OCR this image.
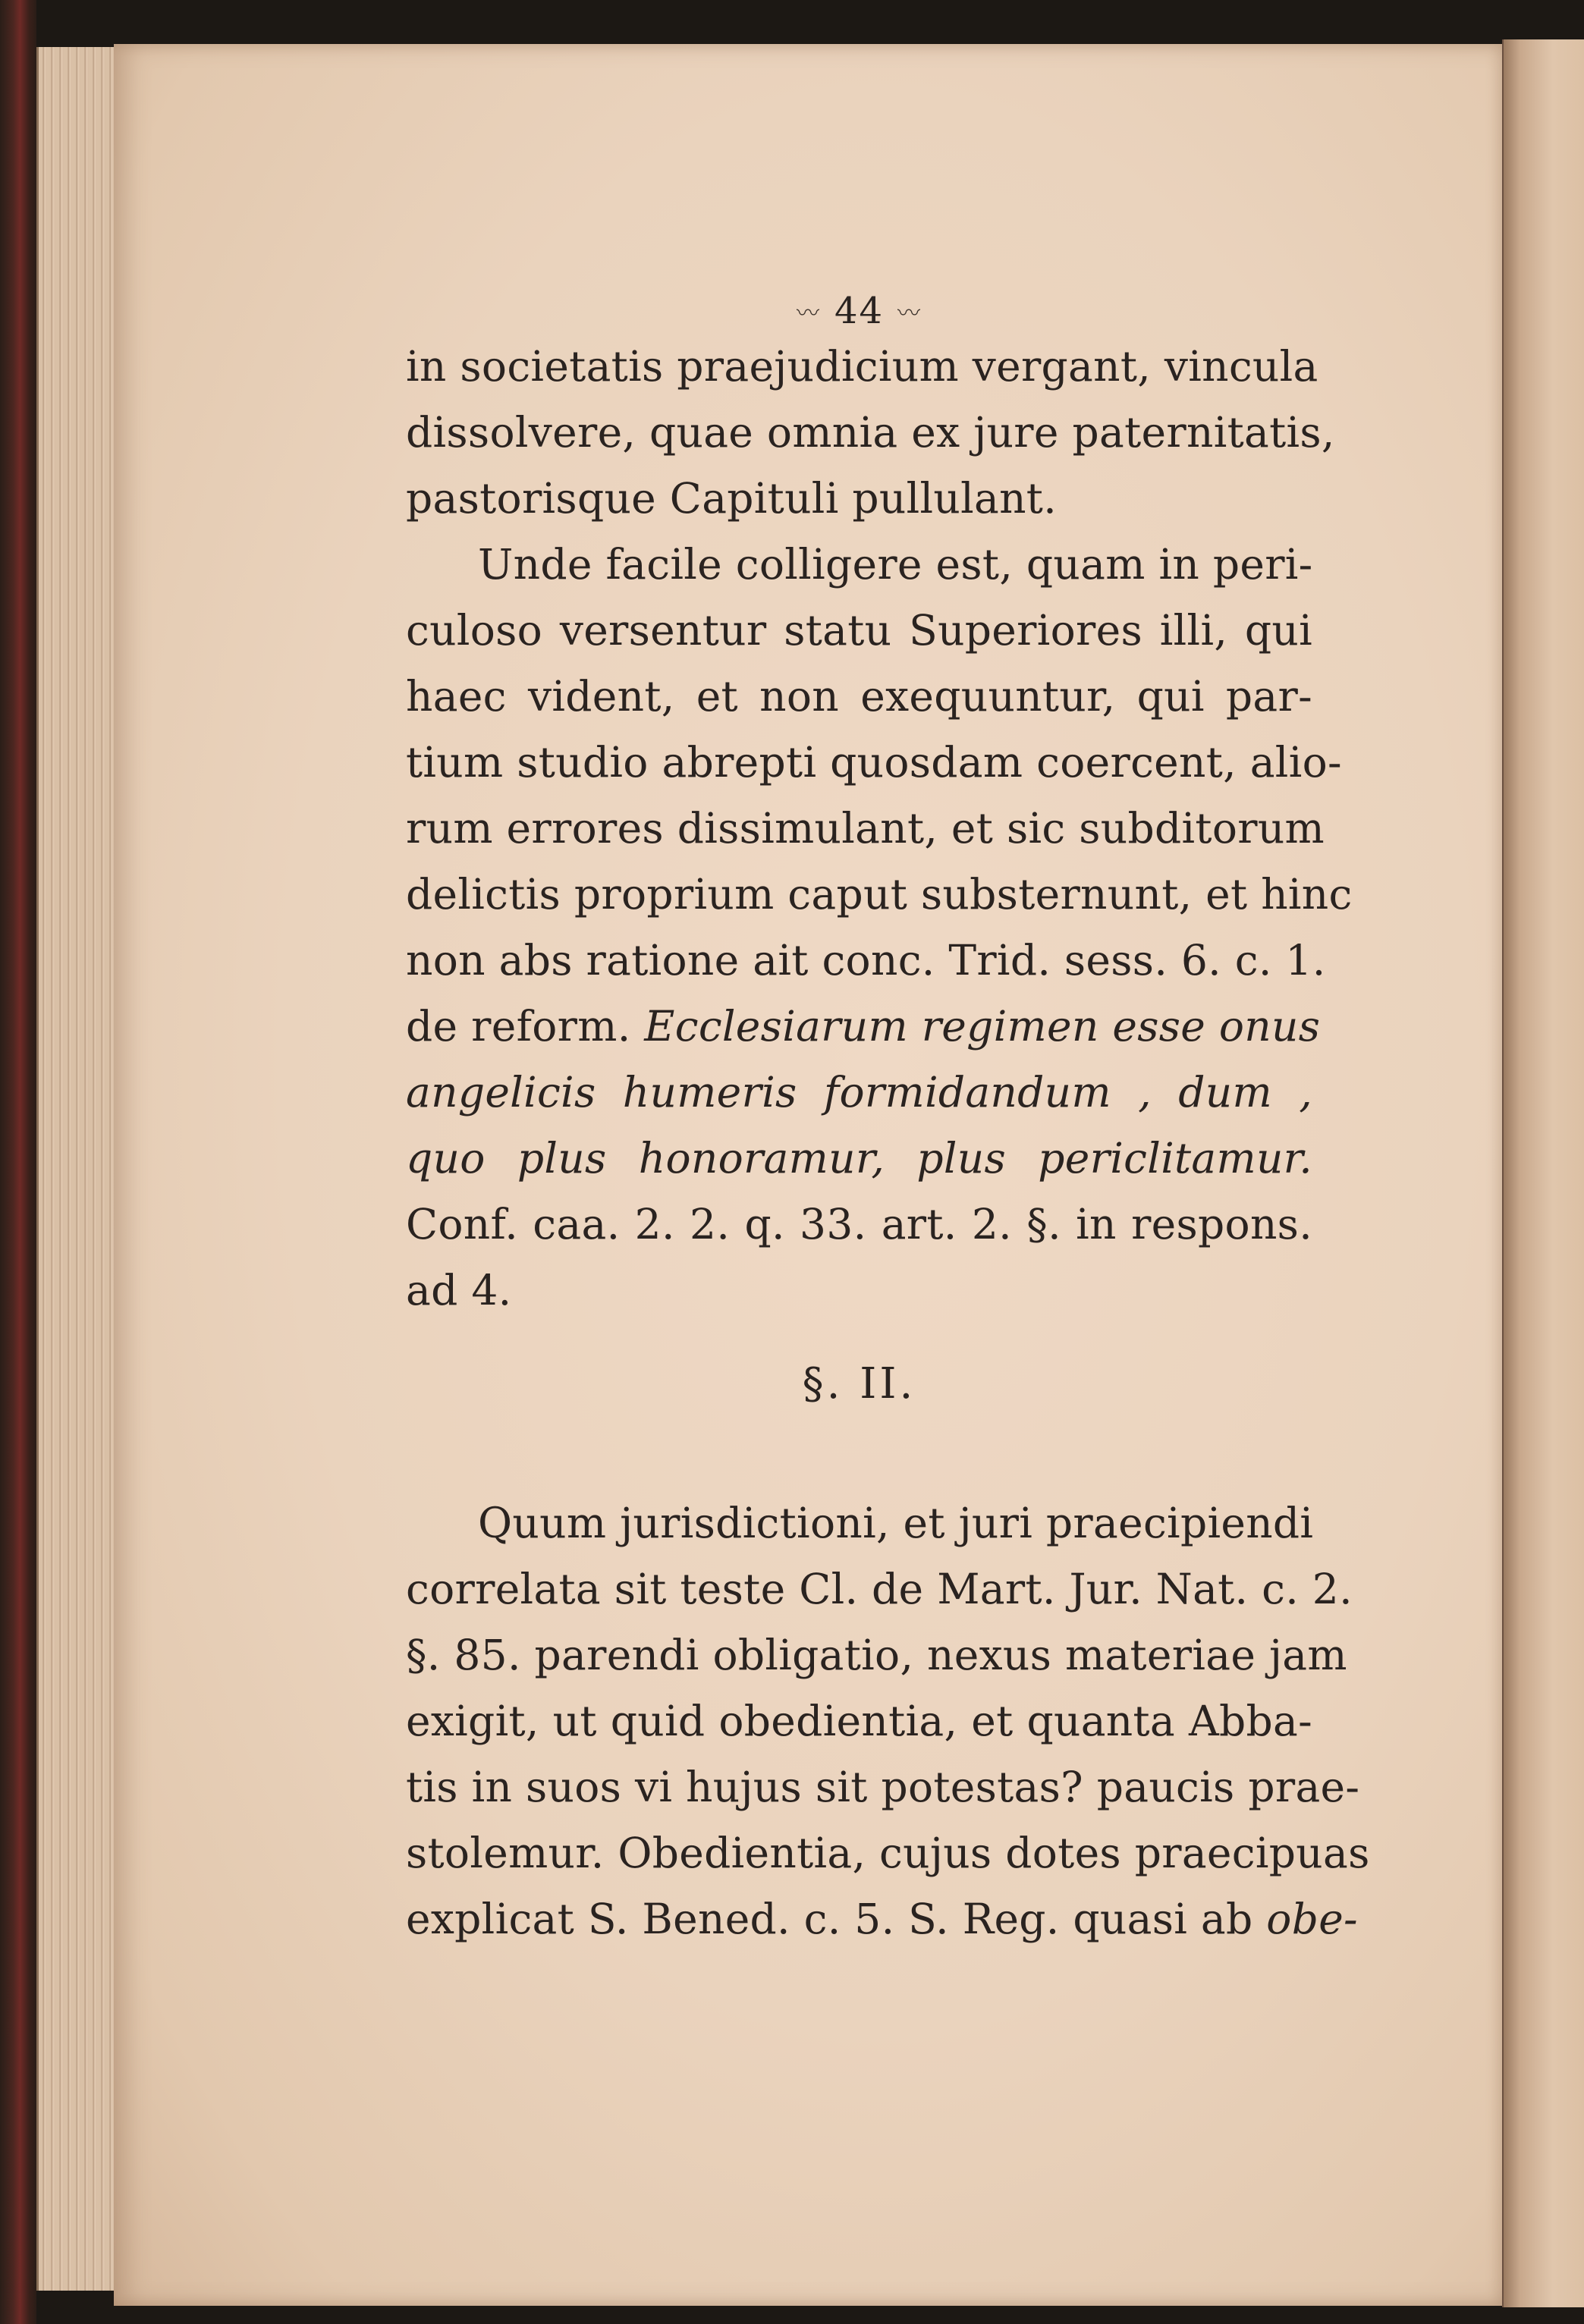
〰 44 〰
in societatis praejudicium vergant, vincula
dissolvere, quae omnia ex jure paternitatis,
pastorisque Capituli pullulant.
Unde facile colligere est, quam in peri-
culoso versentur statu Superiores illi, qui
haec vident, et non exequuntur, qui par-
tium studio abrepti quosdam coercent, alio-
rum errores dissimulant, et sic subditorum
delictis proprium caput substernunt, et hinc
non abs ratione ait conc. Trid. sess. 6. c. 1.
de reform. Ecclesiarum regimen esse onus
angelicis humeris formidandum , dum ,
quo plus honoramur, plus periclitamur.
Conf. caa. 2. 2. q. 33. art. 2. §. in respons.
ad 4.
§. II.
Quum jurisdictioni, et juri praecipiendi
correlata sit teste Cl. de Mart. Jur. Nat. c. 2.
§. 85. parendi obligatio, nexus materiae jam
exigit, ut quid obedientia, et quanta Abba-
tis in suos vi hujus sit potestas? paucis prae-
stolemur. Obedientia, cujus dotes praecipuas
explicat S. Bened. c. 5. S. Reg. quasi ab obe-
